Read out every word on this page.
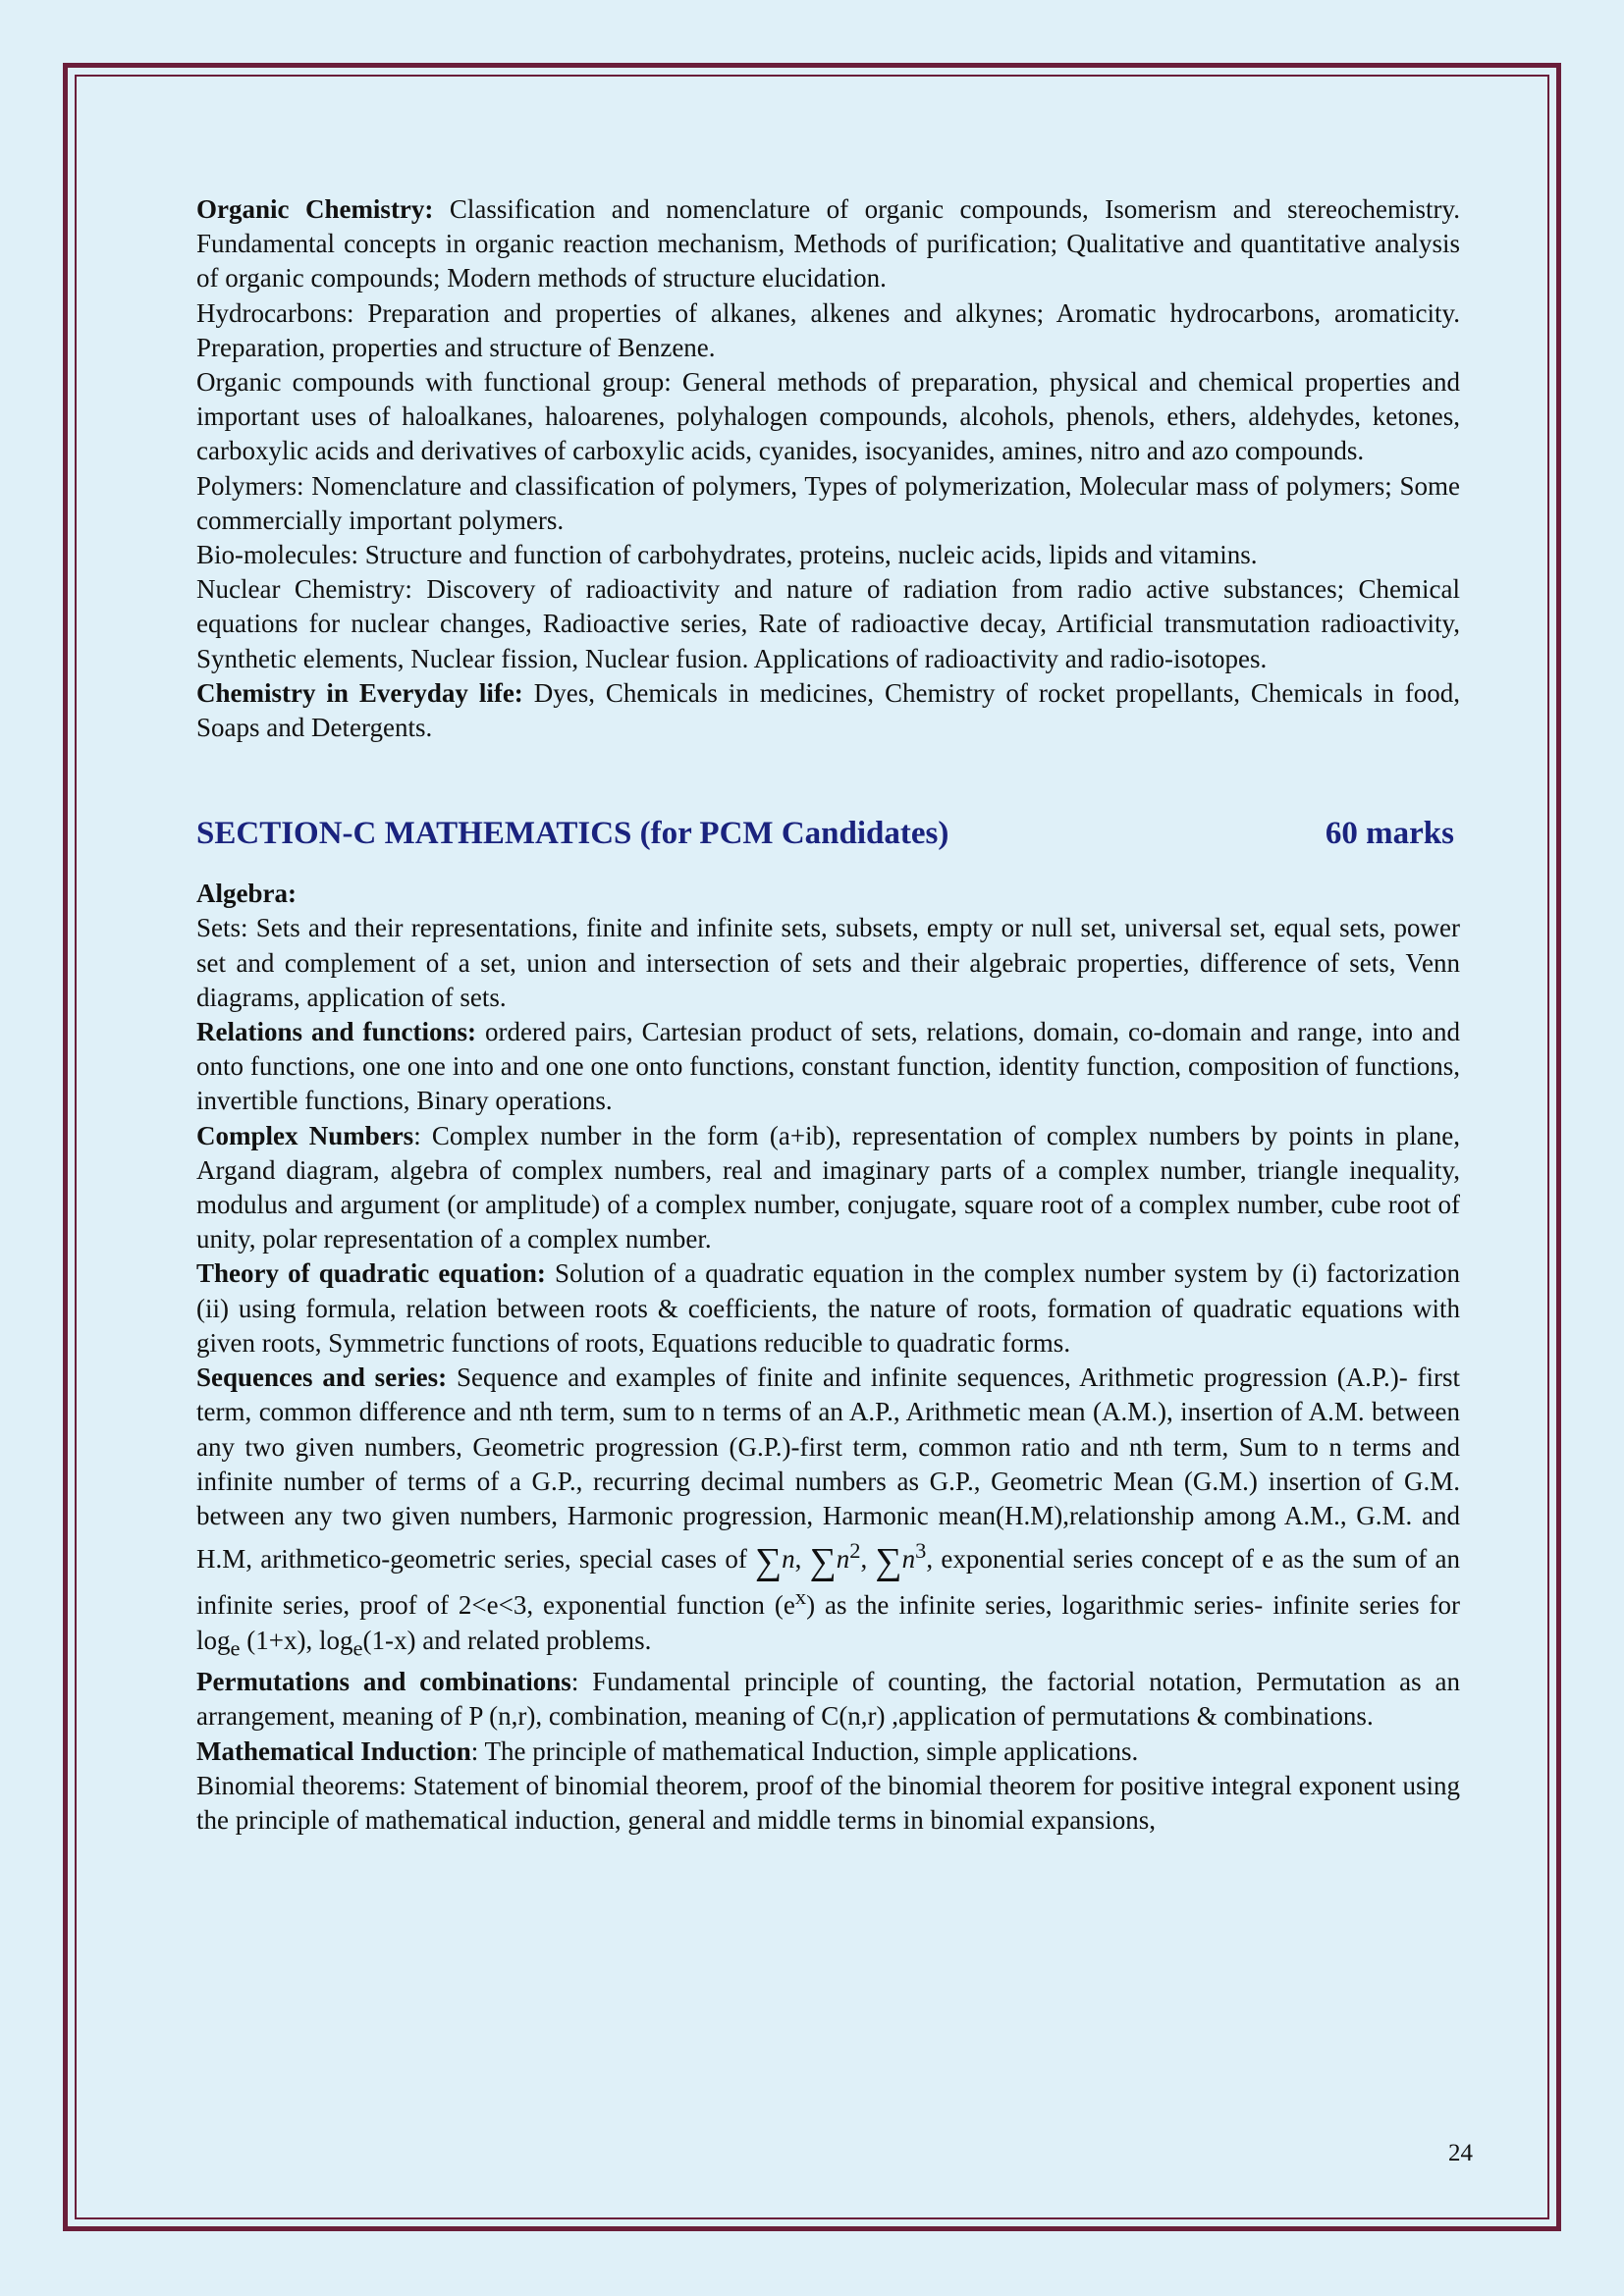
Organic Chemistry: Classification and nomenclature of organic compounds, Isomerism and stereochemistry. Fundamental concepts in organic reaction mechanism, Methods of purification; Qualitative and quantitative analysis of organic compounds; Modern methods of structure elucidation.

Hydrocarbons: Preparation and properties of alkanes, alkenes and alkynes; Aromatic hydrocarbons, aromaticity. Preparation, properties and structure of Benzene.

Organic compounds with functional group: General methods of preparation, physical and chemical properties and important uses of haloalkanes, haloarenes, polyhalogen compounds, alcohols, phenols, ethers, aldehydes, ketones, carboxylic acids and derivatives of carboxylic acids, cyanides, isocyanides, amines, nitro and azo compounds.

Polymers: Nomenclature and classification of polymers, Types of polymerization, Molecular mass of polymers; Some commercially important polymers.

Bio-molecules: Structure and function of carbohydrates, proteins, nucleic acids, lipids and vitamins.

Nuclear Chemistry: Discovery of radioactivity and nature of radiation from radio active substances; Chemical equations for nuclear changes, Radioactive series, Rate of radioactive decay, Artificial transmutation radioactivity, Synthetic elements, Nuclear fission, Nuclear fusion. Applications of radioactivity and radio-isotopes.

Chemistry in Everyday life: Dyes, Chemicals in medicines, Chemistry of rocket propellants, Chemicals in food, Soaps and Detergents.

SECTION-C MATHEMATICS (for PCM Candidates)	60 marks

Algebra:

Sets: Sets and their representations, finite and infinite sets, subsets, empty or null set, universal set, equal sets, power set and complement of a set, union and intersection of sets and their algebraic properties, difference of sets, Venn diagrams, application of sets.

Relations and functions: ordered pairs, Cartesian product of sets, relations, domain, co-domain and range, into and onto functions, one one into and one one onto functions, constant function, identity function, composition of functions, invertible functions, Binary operations.

Complex Numbers: Complex number in the form (a+ib), representation of complex numbers by points in plane, Argand diagram, algebra of complex numbers, real and imaginary parts of a complex number, triangle inequality, modulus and argument (or amplitude) of a complex number, conjugate, square root of a complex number, cube root of unity, polar representation of a complex number.

Theory of quadratic equation: Solution of a quadratic equation in the complex number system by (i) factorization (ii) using formula, relation between roots & coefficients, the nature of roots, formation of quadratic equations with given roots, Symmetric functions of roots, Equations reducible to quadratic forms.

Sequences and series: Sequence and examples of finite and infinite sequences, Arithmetic progression (A.P.)- first term, common difference and nth term, sum to n terms of an A.P., Arithmetic mean (A.M.), insertion of A.M. between any two given numbers, Geometric progression (G.P.)-first term, common ratio and nth term, Sum to n terms and infinite number of terms of a G.P., recurring decimal numbers as G.P., Geometric Mean (G.M.) insertion of G.M. between any two given numbers, Harmonic progression, Harmonic mean(H.M),relationship among A.M., G.M. and H.M, arithmetico-geometric series, special cases of ∑n, $\sum n^2$, $\sum n^3$, exponential series concept of e as the sum of an infinite series, proof of 2<e<3, exponential function $(e^x)$ as the infinite series, logarithmic series- infinite series for $\log_e (1+x)$, $\log_e(1-x)$ and related problems.

Permutations and combinations: Fundamental principle of counting, the factorial notation, Permutation as an arrangement, meaning of P (n,r), combination, meaning of C(n,r) ,application of permutations & combinations.

Mathematical Induction: The principle of mathematical Induction, simple applications.

Binomial theorems: Statement of binomial theorem, proof of the binomial theorem for positive integral exponent using the principle of mathematical induction, general and middle terms in binomial expansions,

24
